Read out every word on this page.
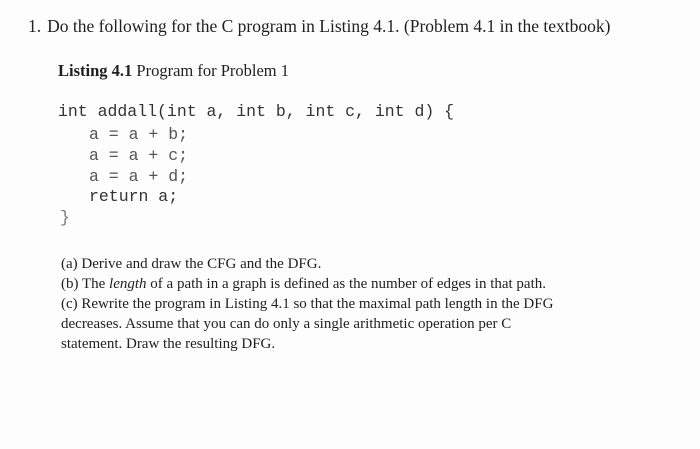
1. Do the following for the C program in Listing 4.1. (Problem 4.1 in the textbook)
Listing 4.1 Program for Problem 1
int addall(int a, int b, int c, int d) {
a = a + b;
a = a + c;
a = a + d;
return a;
}
(a) Derive and draw the CFG and the DFG.
(b) The length of a path in a graph is defined as the number of edges in that path.
(c) Rewrite the program in Listing 4.1 so that the maximal path length in the DFG
decreases. Assume that you can do only a single arithmetic operation per C
statement. Draw the resulting DFG.
